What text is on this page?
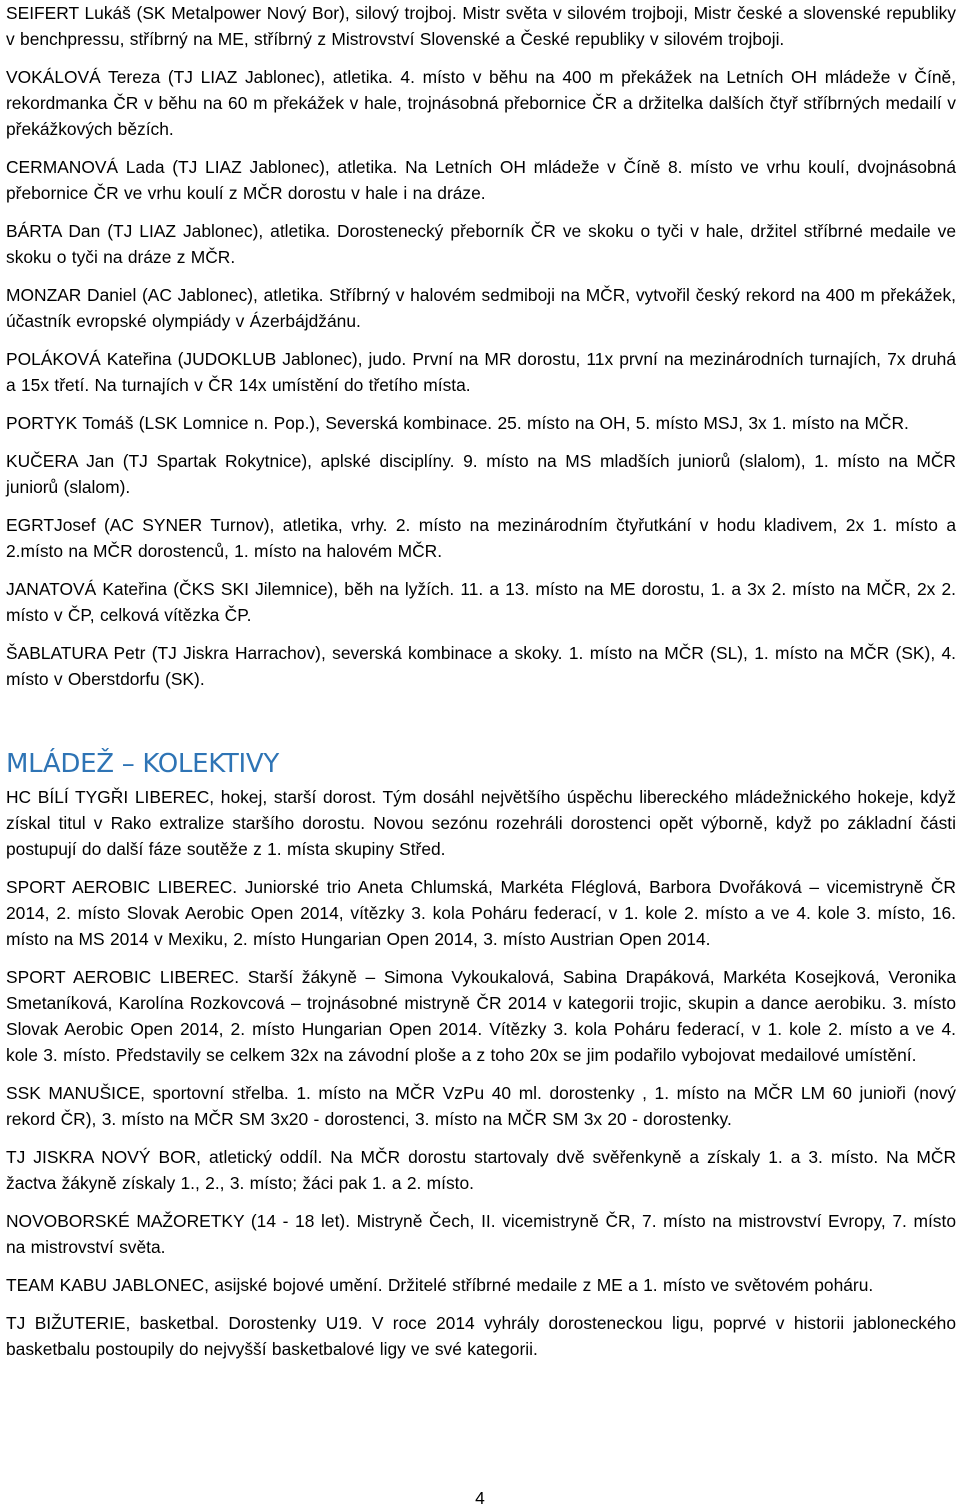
SEIFERT Lukáš (SK Metalpower Nový Bor), silový trojboj. Mistr světa v silovém trojboji, Mistr české a slovenské republiky v benchpressu, stříbrný na ME, stříbrný z Mistrovství Slovenské a České republiky v silovém trojboji.

VOKÁLOVÁ Tereza (TJ LIAZ Jablonec), atletika. 4. místo v běhu na 400 m překážek na Letních OH mládeže v Číně, rekordmanka ČR v běhu na 60 m překážek v hale, trojnásobná přebornice ČR a držitelka dalších čtyř stříbrných medailí v překážkových bězích.

CERMANOVÁ Lada (TJ LIAZ Jablonec), atletika. Na Letních OH mládeže v Číně 8. místo ve vrhu koulí, dvojnásobná přebornice ČR ve vrhu koulí z MČR dorostu v hale i na dráze.

BÁRTA Dan (TJ LIAZ Jablonec), atletika. Dorostenecký přeborník ČR ve skoku o tyči v hale, držitel stříbrné medaile ve skoku o tyči na dráze z MČR.

MONZAR Daniel (AC Jablonec), atletika. Stříbrný v halovém sedmiboji na MČR, vytvořil český rekord na 400 m překážek, účastník evropské olympiády v Ázerbájdžánu.

POLÁKOVÁ Kateřina (JUDOKLUB Jablonec), judo. První na MR dorostu, 11x první na mezinárodních turnajích, 7x druhá a 15x třetí. Na turnajích v ČR 14x umístění do třetího místa.

PORTYK Tomáš (LSK Lomnice n. Pop.), Severská kombinace. 25. místo na OH, 5. místo MSJ, 3x 1. místo na MČR.

KUČERA Jan (TJ Spartak Rokytnice), aplské disciplíny. 9. místo na MS mladších juniorů (slalom), 1. místo na MČR juniorů (slalom).

EGRTJosef (AC SYNER Turnov), atletika, vrhy. 2. místo na mezinárodním čtyřutkání v hodu kladivem, 2x 1. místo a 2.místo na MČR dorostenců, 1. místo na halovém MČR.

JANATOVÁ Kateřina (ČKS SKI Jilemnice), běh na lyžích. 11. a 13. místo na ME dorostu, 1. a 3x 2. místo na MČR, 2x 2. místo v ČP, celková vítězka ČP.

ŠABLATURA Petr (TJ Jiskra Harrachov), severská kombinace a skoky. 1. místo na MČR (SL), 1. místo na MČR (SK), 4. místo v Oberstdorfu (SK).

MLÁDEŽ – KOLEKTIVY

HC BÍLÍ TYGŘI LIBEREC, hokej, starší dorost. Tým dosáhl největšího úspěchu libereckého mládežnického hokeje, když získal titul v Rako extralize staršího dorostu. Novou sezónu rozehráli dorostenci opět výborně, když po základní části postupují do další fáze soutěže z 1. místa skupiny Střed.

SPORT AEROBIC LIBEREC. Juniorské trio Aneta Chlumská, Markéta Fléglová, Barbora Dvořáková – vicemistryně ČR 2014, 2. místo Slovak Aerobic Open 2014, vítězky 3. kola Poháru federací, v 1. kole 2. místo a ve 4. kole 3. místo, 16. místo na MS 2014 v Mexiku, 2. místo Hungarian Open 2014, 3. místo Austrian Open 2014.

SPORT AEROBIC LIBEREC. Starší žákyně – Simona Vykoukalová, Sabina Drapáková, Markéta Kosejková, Veronika Smetaníková, Karolína Rozkovcová – trojnásobné mistryně ČR 2014 v kategorii trojic, skupin a dance aerobiku. 3. místo Slovak Aerobic Open 2014, 2. místo Hungarian Open 2014. Vítězky 3. kola Poháru federací, v 1. kole 2. místo a ve 4. kole 3. místo. Představily se celkem 32x na závodní ploše a z toho 20x se jim podařilo vybojovat medailové umístění.

SSK MANUŠICE, sportovní střelba. 1. místo na MČR VzPu 40 ml. dorostenky , 1. místo na MČR LM 60 junioři (nový rekord ČR), 3. místo na MČR SM 3x20 - dorostenci, 3. místo na MČR SM 3x 20 - dorostenky.

TJ JISKRA NOVÝ BOR, atletický oddíl. Na MČR dorostu startovaly dvě svěřenkyně a získaly 1. a 3. místo. Na MČR žactva žákyně získaly 1., 2., 3. místo; žáci pak 1. a 2. místo.

NOVOBORSKÉ MAŽORETKY (14 - 18 let). Mistryně Čech, II. vicemistryně ČR, 7. místo na mistrovství Evropy, 7. místo na mistrovství světa.

TEAM KABU JABLONEC, asijské bojové umění. Držitelé stříbrné medaile z ME a 1. místo ve světovém poháru.

TJ BIŽUTERIE, basketbal. Dorostenky U19. V roce 2014 vyhrály dorosteneckou ligu, poprvé v historii jabloneckého basketbalu postoupily do nejvyšší basketbalové ligy ve své kategorii.

4
